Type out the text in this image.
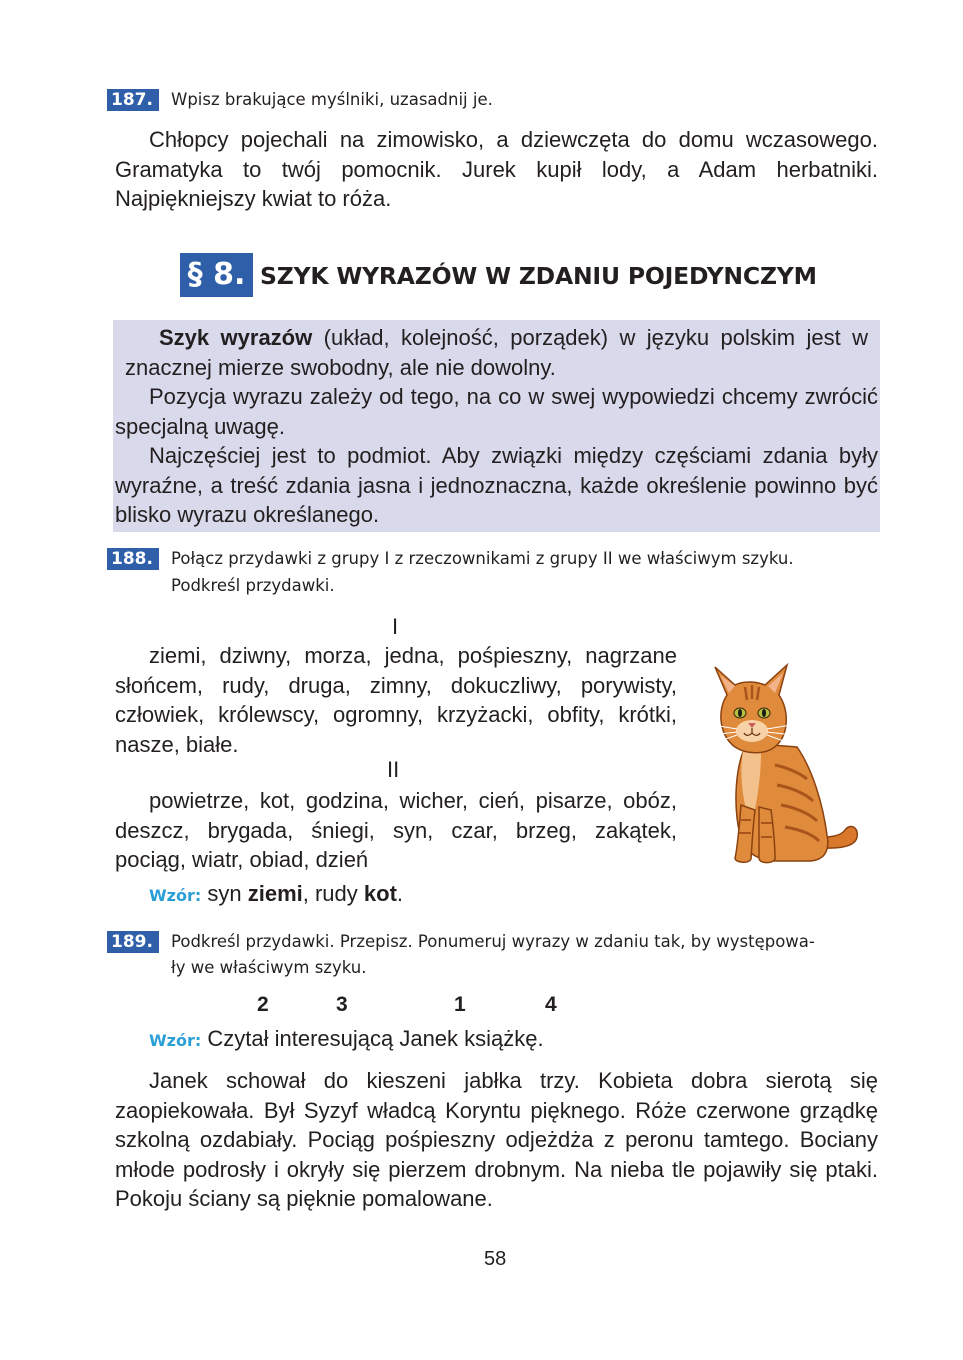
187.	Wpisz brakujące myślniki, uzasadnij je.

Chłopcy pojechali na zimowisko, a dziewczęta do domu wczasowego. Gramatyka to twój pomocnik. Jurek kupił lody, a Adam herbatniki. Najpiękniejszy kwiat to róża.

§ 8. SZYK WYRAZÓW W ZDANIU POJEDYNCZYM

Szyk wyrazów (układ, kolejność, porządek) w języku polskim jest w znacznej mierze swobodny, ale nie dowolny.

Pozycja wyrazu zależy od tego, na co w swej wypowiedzi chcemy zwrócić specjalną uwagę.

Najczęściej jest to podmiot. Aby związki między częściami zdania były wyraźne, a treść zdania jasna i jednoznaczna, każde określenie powinno być blisko wyrazu określanego.

188.	Połącz przydawki z grupy I z rzeczownikami z grupy II we właściwym szyku.
Podkreśl przydawki.
I

ziemi, dziwny, morza, jedna, pośpieszny, nagrzane słońcem, rudy, druga, zimny, dokuczliwy, porywisty, człowiek, królewscy, ogromny, krzyżacki, obfity, krótki, nasze, białe.

II

powietrze, kot, godzina, wicher, cień, pisarze, obóz, deszcz, brygada, śniegi, syn, czar, brzeg, zakątek, pociąg, wiatr, obiad, dzień

Wzór: syn ziemi, rudy kot.
189.	Podkreśl przydawki. Przepisz. Ponumeruj wyrazy w zdaniu tak, by występowa-
ły we właściwym szyku.
2	3	1	4
Wzór: Czytał interesującą Janek książkę.

Janek schował do kieszeni jabłka trzy. Kobieta dobra sierotą się zaopiekowała. Był Syzyf władcą Koryntu pięknego. Róże czerwone grządkę szkolną ozdabiały. Pociąg pośpieszny odjeżdża z peronu tamtego. Bociany młode podrosły i okryły się pierzem drobnym. Na nieba tle pojawiły się ptaki. Pokoju ściany są pięknie pomalowane.

58
